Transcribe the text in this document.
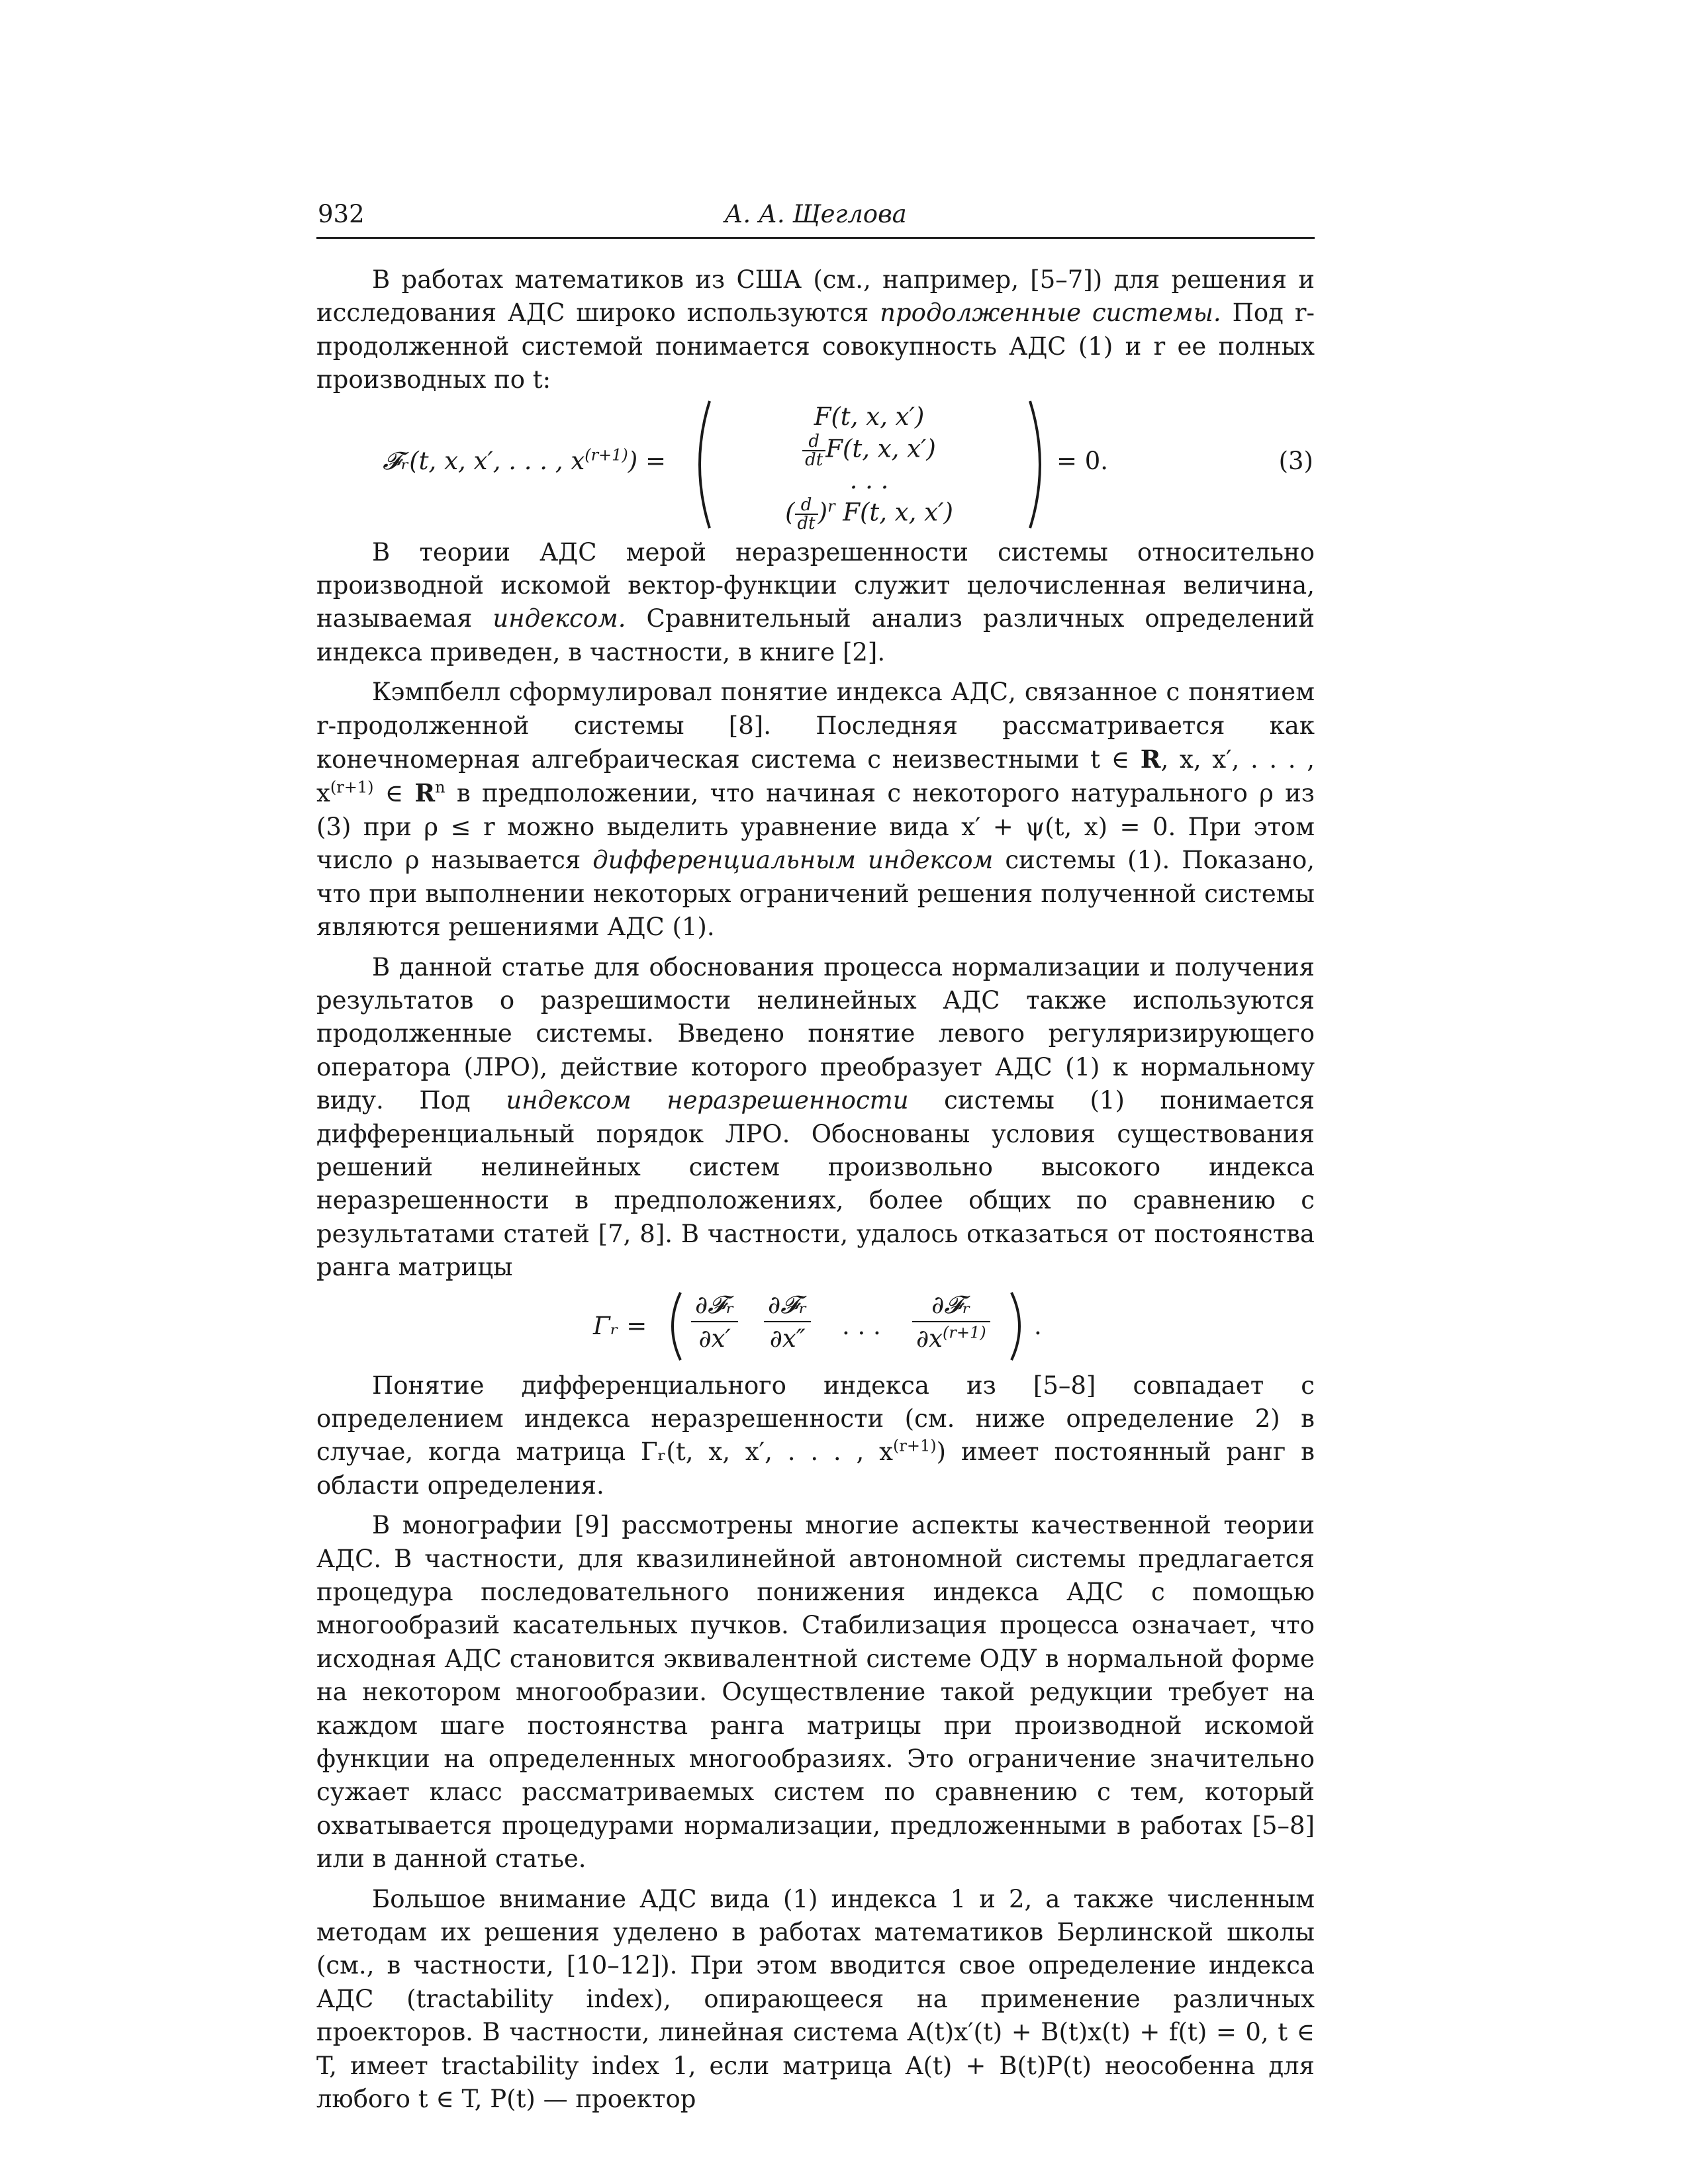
932	А. А. Щеглова

В работах математиков из США (см., например, [5–7]) для решения и исследования АДС широко используются продолженные системы. Под r-продолженной системой понимается совокупность АДС (1) и r ее полных производных по t:

𝓕ᵣ(t, x, x′, . . . , $x^{(r+1)}$) =
F(t, x, x′)
$\frac{d}{dt} F(t$, x, x′)
. . .
( $\frac{d}{dt} )^r$ F(t, x, x′)
= 0.	(3)

В теории АДС мерой неразрешенности системы относительно производной искомой вектор-функции служит целочисленная величина, называемая индексом. Сравнительный анализ различных определений индекса приведен, в частности, в книге [2].

Кэмпбелл сформулировал понятие индекса АДС, связанное с понятием r-продолженной системы [8]. Последняя рассматривается как конечномерная алгебраическая система с неизвестными t ∈ R, x, x′, . . . , $x^{(r+1)}$ ∈ $R^n$ в предположении, что начиная с некоторого натурального ρ из (3) при ρ ≤ r можно выделить уравнение вида x′ + ψ(t, x) = 0. При этом число ρ называется дифференциальным индексом системы (1). Показано, что при выполнении некоторых ограничений решения полученной системы являются решениями АДС (1).

В данной статье для обоснования процесса нормализации и получения результатов о разрешимости нелинейных АДС также используются продолженные системы. Введено понятие левого регуляризирующего оператора (ЛРО), действие которого преобразует АДС (1) к нормальному виду. Под индексом неразрешенности системы (1) понимается дифференциальный порядок ЛРО. Обоснованы условия существования решений нелинейных систем произвольно высокого индекса неразрешенности в предположениях, более общих по сравнению с результатами статей [7, 8]. В частности, удалось отказаться от постоянства ранга матрицы

Γᵣ =
∂𝓕ᵣ
∂x′
∂𝓕ᵣ
∂x″ . . .
∂𝓕ᵣ
$\partial x^{(r+1)}$ .

Понятие дифференциального индекса из [5–8] совпадает с определением индекса неразрешенности (см. ниже определение 2) в случае, когда матрица Γᵣ(t, x, x′, . . . , $x^{(r+1)}$) имеет постоянный ранг в области определения.

В монографии [9] рассмотрены многие аспекты качественной теории АДС. В частности, для квазилинейной автономной системы предлагается процедура последовательного понижения индекса АДС с помощью многообразий касательных пучков. Стабилизация процесса означает, что исходная АДС становится эквивалентной системе ОДУ в нормальной форме на некотором многообразии. Осуществление такой редукции требует на каждом шаге постоянства ранга матрицы при производной искомой функции на определенных многообразиях. Это ограничение значительно сужает класс рассматриваемых систем по сравнению с тем, который охватывается процедурами нормализации, предложенными в работах [5–8] или в данной статье.

Большое внимание АДС вида (1) индекса 1 и 2, а также численным методам их решения уделено в работах математиков Берлинской школы (см., в частности, [10–12]). При этом вводится свое определение индекса АДС (tractability index), опирающееся на применение различных проекторов. В частности, линейная система A(t)x′(t) + B(t)x(t) + f(t) = 0, t ∈ T, имеет tractability index 1, если матрица A(t) + B(t)P(t) неособенна для любого t ∈ T, P(t) — проектор
